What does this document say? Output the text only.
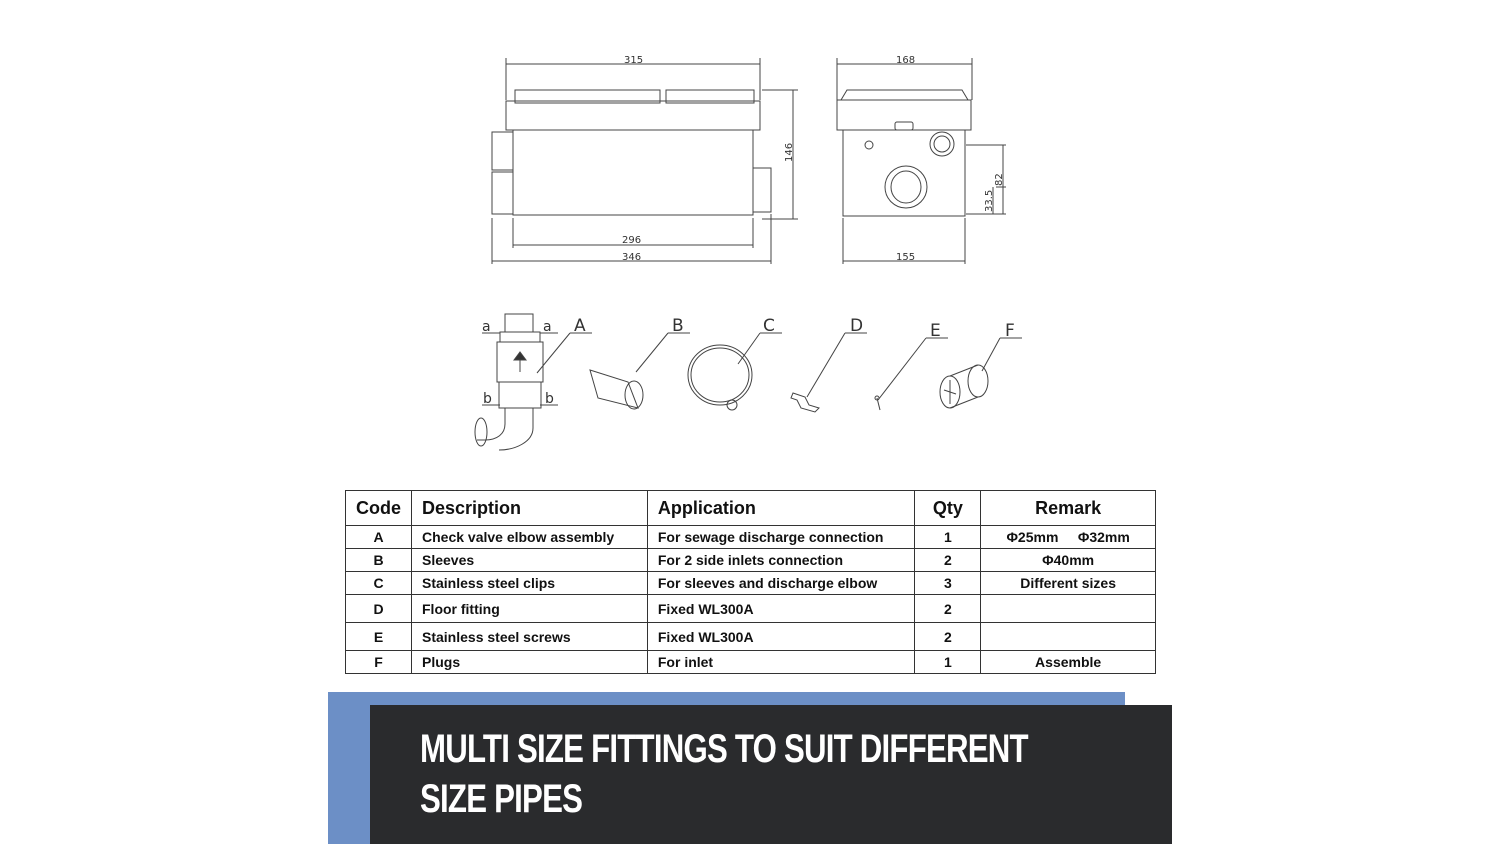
315
146
296
346
168
82
33.5
155
A	B	C	D	E	F
a	a
b	b
Code	Description	Application	Qty	Remark
A	Check valve elbow assembly	For sewage discharge connection	1	Φ25mm     Φ32mm
B	Sleeves	For 2 side inlets connection	2	Φ40mm
C	Stainless steel clips	For sleeves and discharge elbow	3	Different sizes
D	Floor fitting	Fixed WL300A	2	
E	Stainless steel screws	Fixed WL300A	2	
F	Plugs	For inlet	1	Assemble
MULTI SIZE FITTINGS TO SUIT DIFFERENT
SIZE PIPES
